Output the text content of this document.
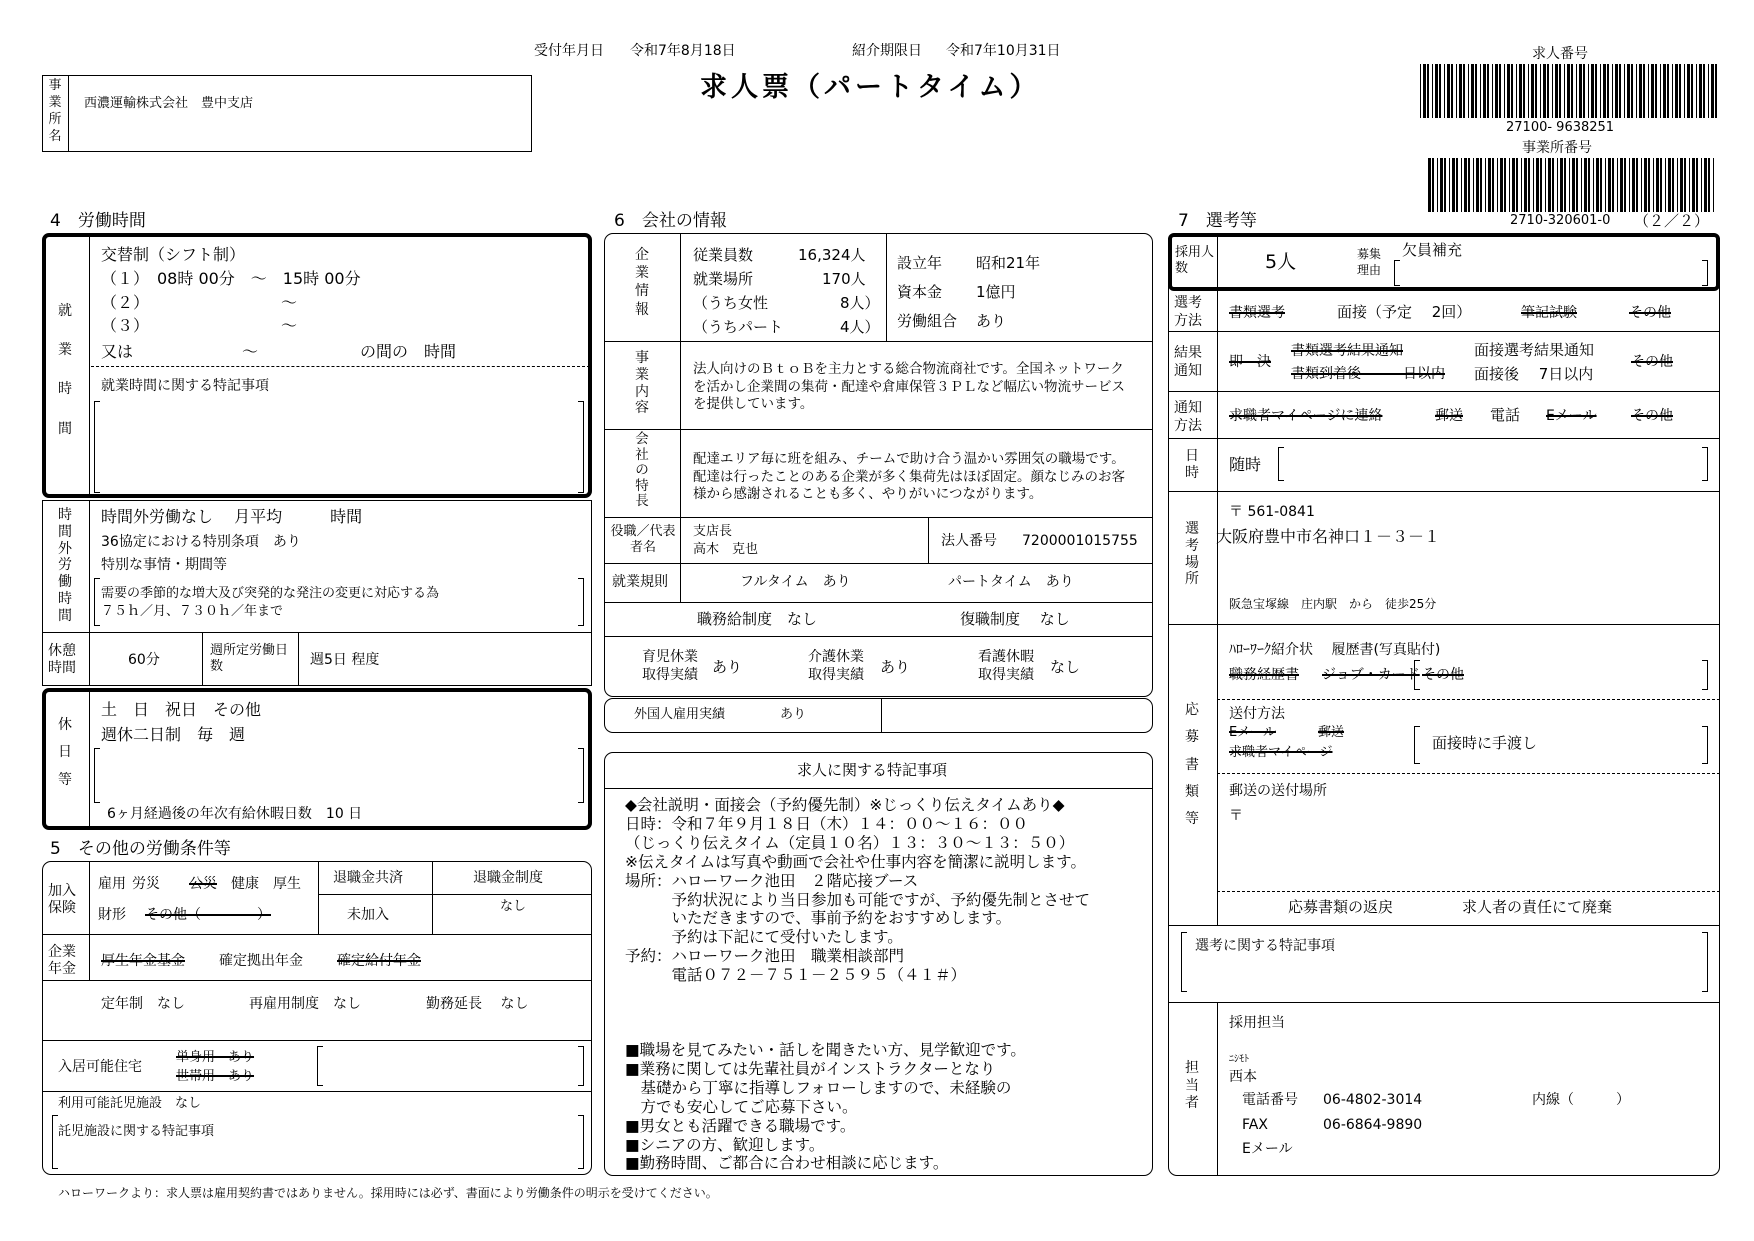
受付年月日 令和7年8月18日	紹介期限日 令和7年10月31日
求人票（パートタイム）
事業所名
西濃運輸株式会社　豊中支店
求人番号
27100- 9638251
事業所番号
2710-320601-0 （２／２）
4　労働時間
就業時間
交替制（シフト制）
（１）　08時 00分　～　15時 00分
（２）	～
（３）	～
又は	～	の間の　時間
就業時間に関する特記事項
時間外労働時間
時間外労働なし　 月平均　　　時間
36協定における特別条項　あり
特別な事情・期間等
需要の季節的な増大及び突発的な発注の変更に対応する為
７５ｈ／月、７３０ｈ／年まで
休憩時間	60分
週所定労働日数	週5日 程度
休日等
土　日　祝日　その他
週休二日制　毎　週
6ヶ月経過後の年次有給休暇日数　10 日
5　その他の労働条件等
加入保険
雇用 労災 公災 健康 厚生
財形 その他（　　　　）
退職金共済
未加入
退職金制度
なし
企業年金	厚生年金基金 確定拠出年金 確定給付年金
定年制　なし	再雇用制度　なし	勤務延長　 なし
入居可能住宅
単身用　あり
世帯用　あり
利用可能託児施設　なし
託児施設に関する特記事項
6　会社の情報
企業情報
従業員数	16,324人
就業場所	170人
（うち女性	8人）
（うちパート	4人）
設立年 昭和21年
資本金 1億円
労働組合 あり
事業内容
法人向けのＢｔｏＢを主力とする総合物流商社です。全国ネットワークを活かし企業間の集荷・配達や倉庫保管３ＰＬなど幅広い物流サービスを提供しています。
会社の特長
配達エリア毎に班を組み、チームで助け合う温かい雰囲気の職場です。配達は行ったことのある企業が多く集荷先はほぼ固定。顔なじみのお客様から感謝されることも多く、やりがいにつながります。
役職／代表者名
支店長
高木　克也
法人番号 7200001015755
就業規則	フルタイム　あり	パートタイム　あり
職務給制度　なし	復職制度　 なし
育児休業取得実績 あり
介護休業取得実績	あり
看護休暇取得実績	なし
外国人雇用実績	あり
求人に関する特記事項
◆会社説明・面接会（予約優先制）※じっくり伝えタイムあり◆
日時：令和７年９月１８日（木）１４：００～１６：００
（じっくり伝えタイム（定員１０名）１３：３０～１３：５０）
※伝えタイムは写真や動画で会社や仕事内容を簡潔に説明します。
場所：ハローワーク池田　２階応接ブース
　　　予約状況により当日参加も可能ですが、予約優先制とさせて
　　　いただきますので、事前予約をおすすめします。
　　　予約は下記にて受付いたします。
予約：ハローワーク池田　職業相談部門
　　　電話０７２－７５１－２５９５（４１＃）
■職場を見てみたい・話しを聞きたい方、見学歓迎です。
■業務に関しては先輩社員がインストラクターとなり
　基礎から丁寧に指導しフォローしますので、未経験の
　方でも安心してご応募下さい。
■男女とも活躍できる職場です。
■シニアの方、歓迎します。
■勤務時間、ご都合に合わせ相談に応じます。
7　選考等
採用人数	5人	募集理由
欠員補充
選考方法	書類選考	面接（予定　 2回）	筆記試験	その他
結果通知
即　決
書類選考結果通知
書類到着後　　　日以内
面接選考結果通知
面接後　 7日以内
その他
通知方法
求職者マイページに連絡	郵送 電話 Eメール その他
日時 随時
選考場所
〒 561-0841
大阪府豊中市名神口１－３－１
阪急宝塚線　庄内駅　から　徒歩25分
応募書類等
ﾊﾛｰﾜｰｸ紹介状　 履歴書(写真貼付)
職務経歴書 ジョブ・カード その他
送付方法
Eメール	郵送
求職者マイページ
面接時に手渡し
郵送の送付場所
〒
応募書類の返戻	求人者の責任にて廃棄
選考に関する特記事項
担当者
採用担当
ﾆｼﾓﾄ
西本
電話番号 06-4802-3014	内線（　　　）
FAX	06-6864-9890
Eメール
ハローワークより：求人票は雇用契約書ではありません。採用時には必ず、書面により労働条件の明示を受けてください。
